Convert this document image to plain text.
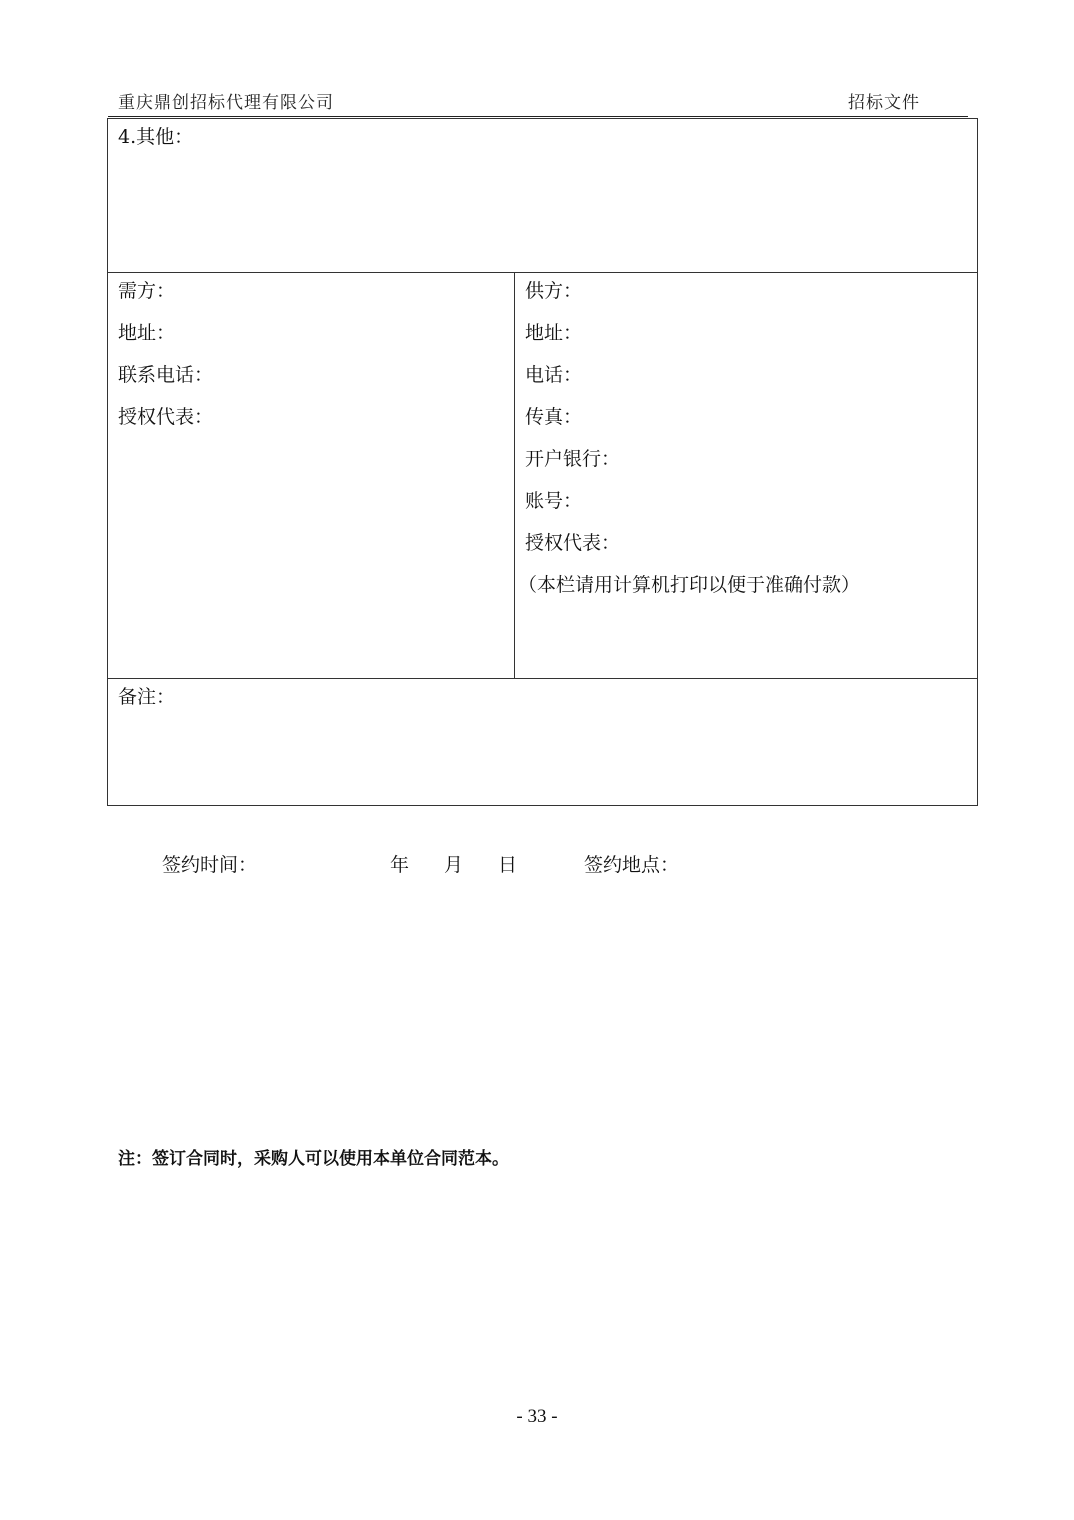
重庆鼎创招标代理有限公司	招标文件
4.其他：
需方：
地址：
联系电话：
授权代表：
供方：
地址：
电话：
传真：
开户银行：
账号：
授权代表：
（本栏请用计算机打印以便于准确付款）
备注：
签约时间：	年 月 日	签约地点：
注：签订合同时，采购人可以使用本单位合同范本。
- 33 -
